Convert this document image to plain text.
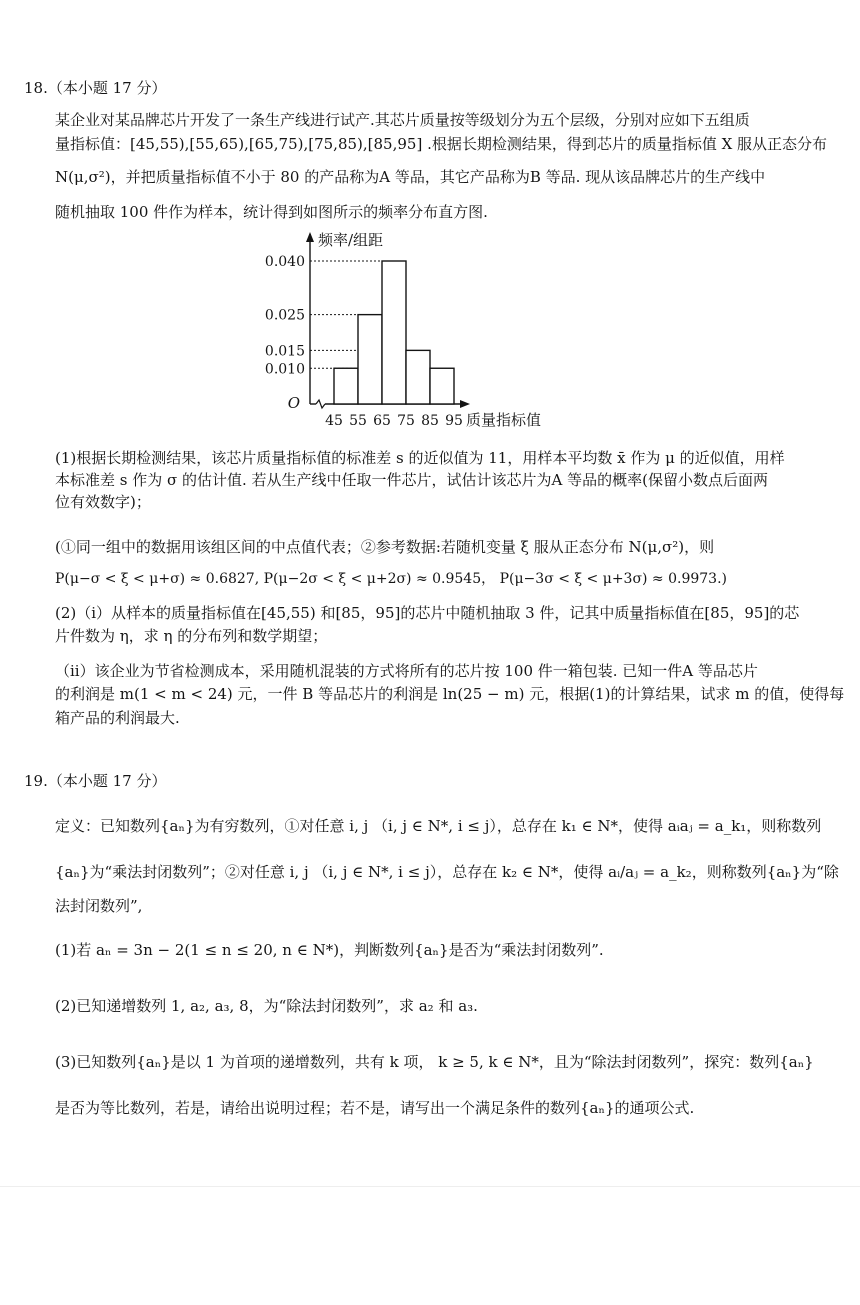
18.（本小题 17 分）
某企业对某品牌芯片开发了一条生产线进行试产.其芯片质量按等级划分为五个层级，分别对应如下五组质
量指标值：[45,55),[55,65),[65,75),[75,85),[85,95] .根据长期检测结果，得到芯片的质量指标值 X 服从正态分布
N(μ,σ²)，并把质量指标值不小于 80 的产品称为A 等品，其它产品称为B 等品. 现从该品牌芯片的生产线中
随机抽取 100 件作为样本，统计得到如图所示的频率分布直方图.
0.040
0.025
0.015
0.010
45 55 65 75 85 95
O
频率/组距
质量指标值
(1)根据长期检测结果，该芯片质量指标值的标准差 s 的近似值为 11，用样本平均数 x̄ 作为 μ 的近似值，用样
本标准差 s 作为 σ 的估计值. 若从生产线中任取一件芯片，试估计该芯片为A 等品的概率(保留小数点后面两
位有效数字)；
(①同一组中的数据用该组区间的中点值代表；②参考数据:若随机变量 ξ 服从正态分布 N(μ,σ²)，则
P(μ−σ < ξ < μ+σ) ≈ 0.6827, P(μ−2σ < ξ < μ+2σ) ≈ 0.9545， P(μ−3σ < ξ < μ+3σ) ≈ 0.9973.)
(2)（i）从样本的质量指标值在[45,55) 和[85，95]的芯片中随机抽取 3 件，记其中质量指标值在[85，95]的芯
片件数为 η，求 η 的分布列和数学期望；
（ii）该企业为节省检测成本，采用随机混装的方式将所有的芯片按 100 件一箱包装. 已知一件A 等品芯片
的利润是 m(1 < m < 24) 元，一件 B 等品芯片的利润是 ln(25 − m) 元，根据(1)的计算结果，试求 m 的值，使得每
箱产品的利润最大.
19.（本小题 17 分）
定义：已知数列{aₙ}为有穷数列，①对任意 i, j （i, j ∈ N*, i ≤ j），总存在 k₁ ∈ N*，使得 aᵢaⱼ = a_k₁，则称数列
{aₙ}为“乘法封闭数列”；②对任意 i, j （i, j ∈ N*, i ≤ j），总存在 k₂ ∈ N*，使得 aᵢ/aⱼ = a_k₂，则称数列{aₙ}为“除
法封闭数列”,
(1)若 aₙ = 3n − 2(1 ≤ n ≤ 20, n ∈ N*)，判断数列{aₙ}是否为“乘法封闭数列”.
(2)已知递增数列 1, a₂, a₃, 8，为“除法封闭数列”，求 a₂ 和 a₃.
(3)已知数列{aₙ}是以 1 为首项的递增数列，共有 k 项， k ≥ 5, k ∈ N*，且为“除法封闭数列”，探究：数列{aₙ}
是否为等比数列，若是，请给出说明过程；若不是，请写出一个满足条件的数列{aₙ}的通项公式.
